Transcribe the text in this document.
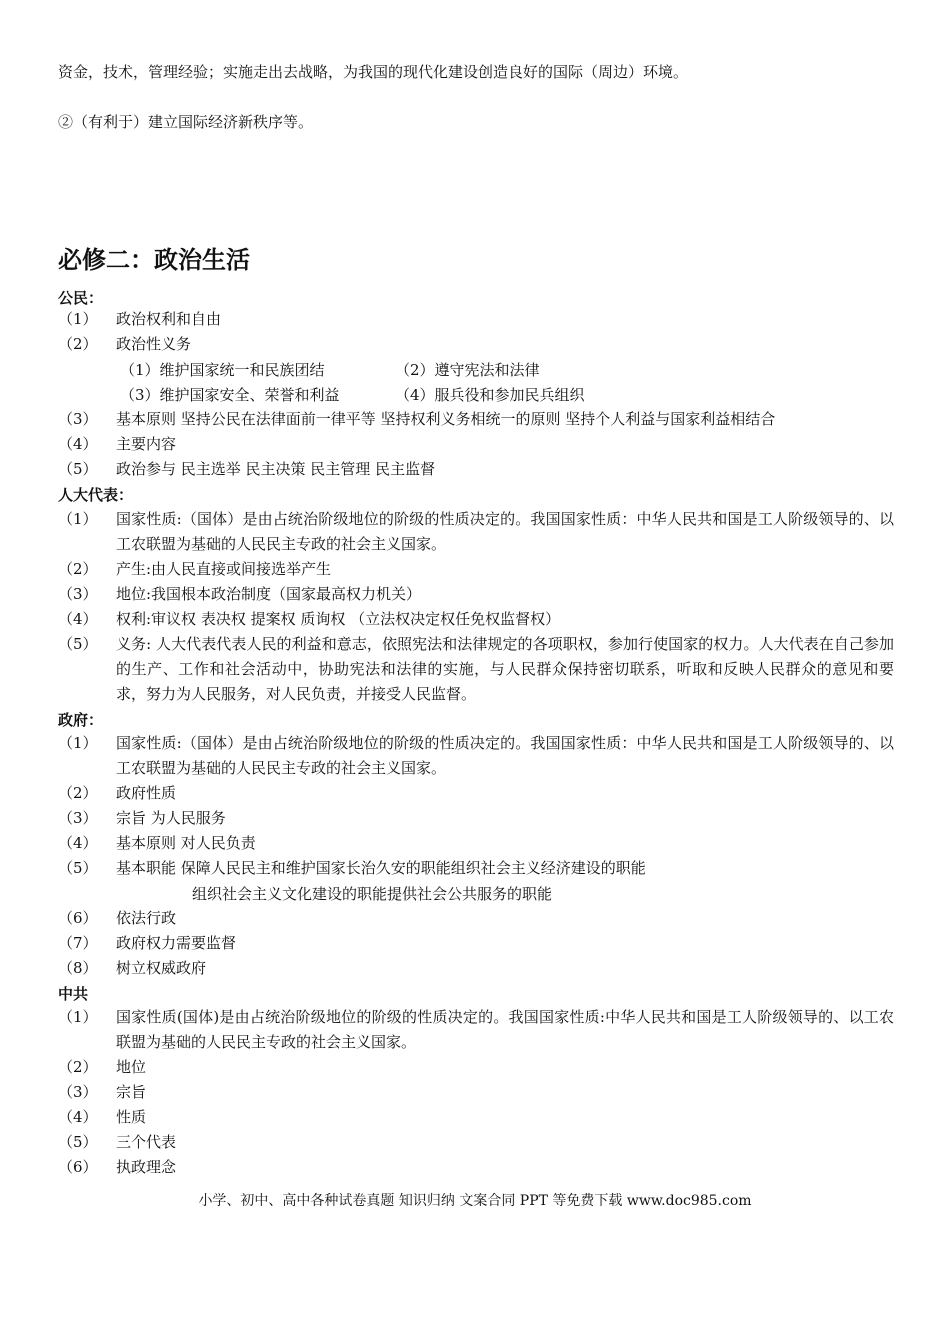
资金，技术，管理经验；实施走出去战略，为我国的现代化建设创造良好的国际（周边）环境。
②（有利于）建立国际经济新秩序等。
必修二：政治生活
公民：
（1）	政治权利和自由
（2）	政治性义务
（1）维护国家统一和民族团结	（2）遵守宪法和法律
（3）维护国家安全、荣誉和利益	（4）服兵役和参加民兵组织
（3）	基本原则 坚持公民在法律面前一律平等 坚持权利义务相统一的原则 坚持个人利益与国家利益相结合
（4）	主要内容
（5）	政治参与 民主选举 民主决策 民主管理 民主监督
人大代表：
（1）	国家性质:（国体）是由占统治阶级地位的阶级的性质决定的。我国国家性质：中华人民共和国是工人阶级领导的、以工农联盟为基础的人民民主专政的社会主义国家。
（2）	产生:由人民直接或间接选举产生
（3）	地位:我国根本政治制度（国家最高权力机关）
（4）	权利:审议权 表决权 提案权 质询权 （立法权决定权任免权监督权）
（5）	义务: 人大代表代表人民的利益和意志，依照宪法和法律规定的各项职权，参加行使国家的权力。人大代表在自己参加的生产、工作和社会活动中，协助宪法和法律的实施，与人民群众保持密切联系，听取和反映人民群众的意见和要求，努力为人民服务，对人民负责，并接受人民监督。
政府：
（1）	国家性质:（国体）是由占统治阶级地位的阶级的性质决定的。我国国家性质：中华人民共和国是工人阶级领导的、以工农联盟为基础的人民民主专政的社会主义国家。
（2）	政府性质
（3）	宗旨 为人民服务
（4）	基本原则 对人民负责
（5）	基本职能 保障人民民主和维护国家长治久安的职能组织社会主义经济建设的职能
组织社会主义文化建设的职能提供社会公共服务的职能
（6）	依法行政
（7）	政府权力需要监督
（8）	树立权威政府
中共
（1）	国家性质(国体)是由占统治阶级地位的阶级的性质决定的。我国国家性质:中华人民共和国是工人阶级领导的、以工农联盟为基础的人民民主专政的社会主义国家。
（2）	地位
（3）	宗旨
（4）	性质
（5）	三个代表
（6）	执政理念
小学、初中、高中各种试卷真题 知识归纳 文案合同 PPT 等免费下载 www.doc985.com
